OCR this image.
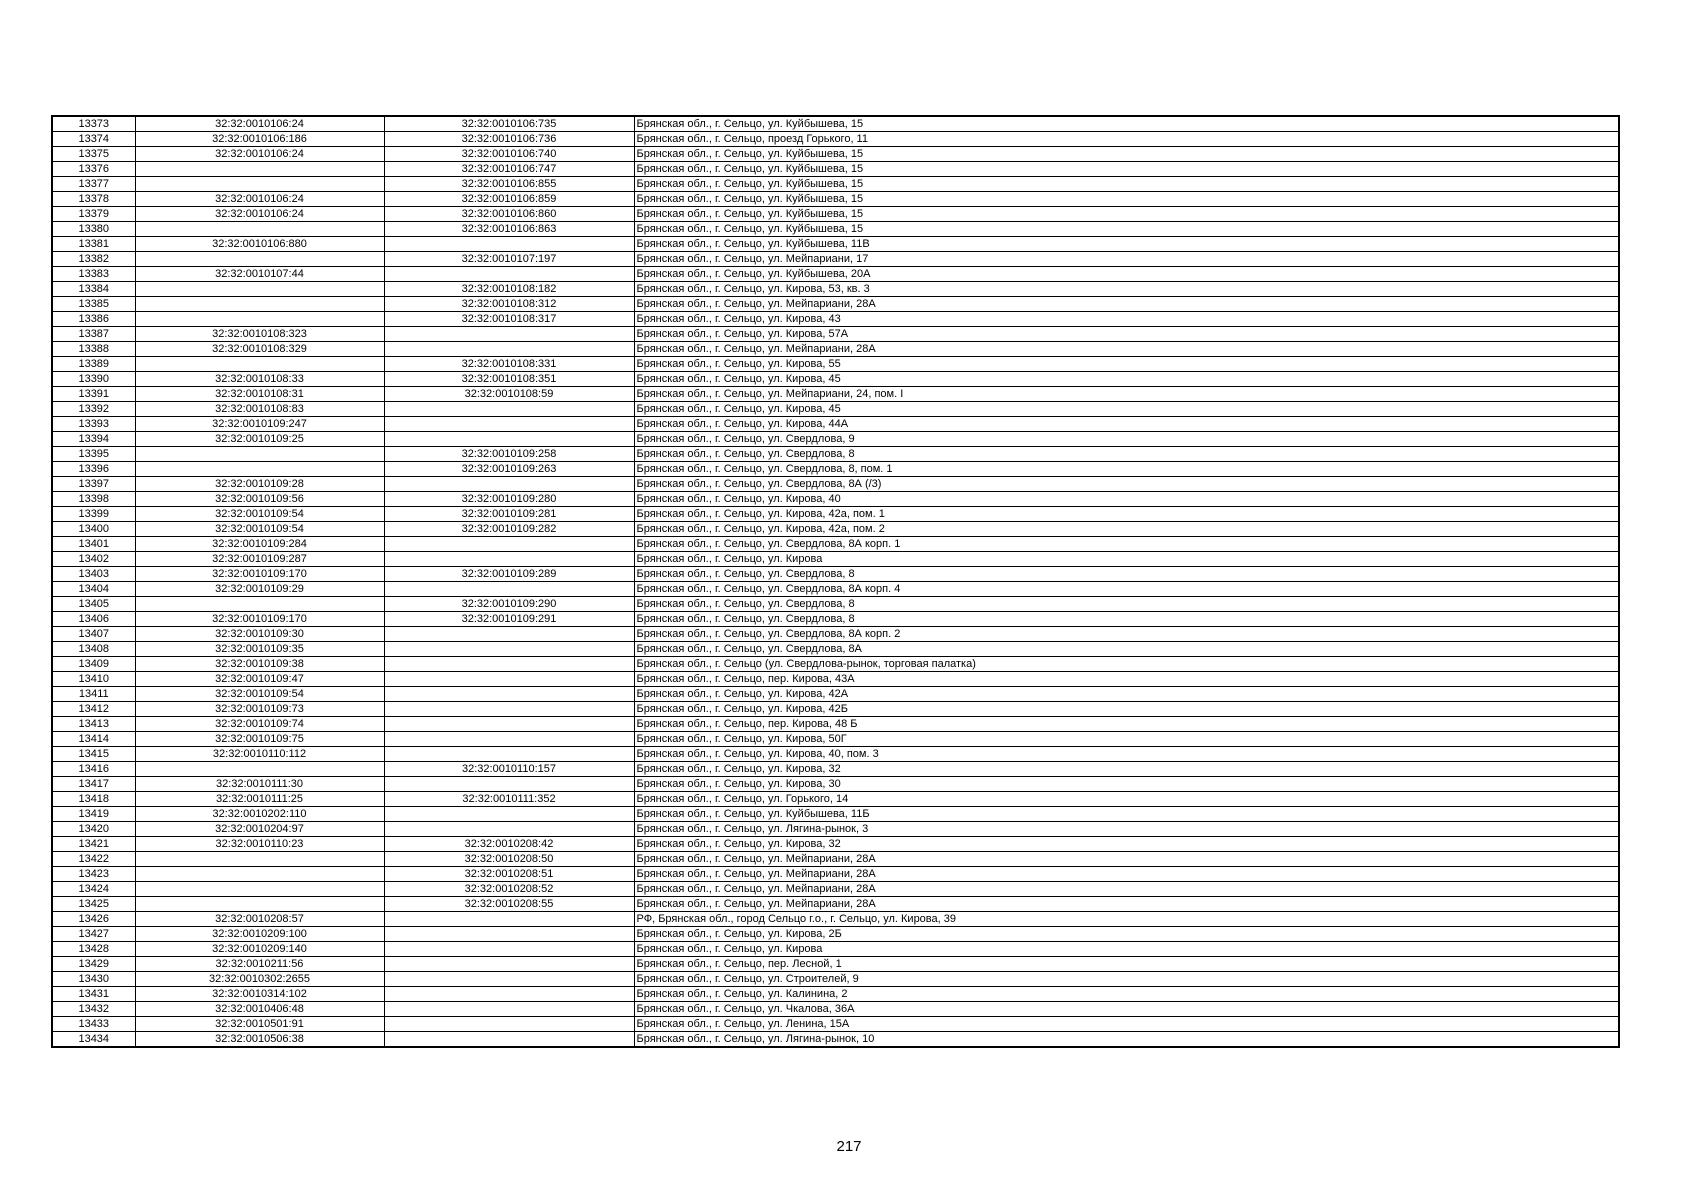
13373	32:32:0010106:24	32:32:0010106:735	Брянская обл., г. Сельцо, ул. Куйбышева, 15
13374	32:32:0010106:186	32:32:0010106:736	Брянская обл., г. Сельцо, проезд Горького, 11
13375	32:32:0010106:24	32:32:0010106:740	Брянская обл., г. Сельцо, ул. Куйбышева, 15
13376		32:32:0010106:747	Брянская обл., г. Сельцо, ул. Куйбышева, 15
13377		32:32:0010106:855	Брянская обл., г. Сельцо, ул. Куйбышева, 15
13378	32:32:0010106:24	32:32:0010106:859	Брянская обл., г. Сельцо, ул. Куйбышева, 15
13379	32:32:0010106:24	32:32:0010106:860	Брянская обл., г. Сельцо, ул. Куйбышева, 15
13380		32:32:0010106:863	Брянская обл., г. Сельцо, ул. Куйбышева, 15
13381	32:32:0010106:880		Брянская обл., г. Сельцо, ул. Куйбышева, 11В
13382		32:32:0010107:197	Брянская обл., г. Сельцо, ул. Мейпариани, 17
13383	32:32:0010107:44		Брянская обл., г. Сельцо, ул. Куйбышева, 20А
13384		32:32:0010108:182	Брянская обл., г. Сельцо, ул. Кирова, 53, кв. 3
13385		32:32:0010108:312	Брянская обл., г. Сельцо, ул. Мейпариани, 28А
13386		32:32:0010108:317	Брянская обл., г. Сельцо, ул. Кирова, 43
13387	32:32:0010108:323		Брянская обл., г. Сельцо, ул. Кирова, 57А
13388	32:32:0010108:329		Брянская обл., г. Сельцо, ул. Мейпариани, 28А
13389		32:32:0010108:331	Брянская обл., г. Сельцо, ул. Кирова, 55
13390	32:32:0010108:33	32:32:0010108:351	Брянская обл., г. Сельцо, ул. Кирова, 45
13391	32:32:0010108:31	32:32:0010108:59	Брянская обл., г. Сельцо, ул. Мейпариани, 24, пом. I
13392	32:32:0010108:83		Брянская обл., г. Сельцо, ул. Кирова, 45
13393	32:32:0010109:247		Брянская обл., г. Сельцо, ул. Кирова, 44А
13394	32:32:0010109:25		Брянская обл., г. Сельцо, ул. Свердлова, 9
13395		32:32:0010109:258	Брянская обл., г. Сельцо, ул. Свердлова, 8
13396		32:32:0010109:263	Брянская обл., г. Сельцо, ул. Свердлова, 8, пом. 1
13397	32:32:0010109:28		Брянская обл., г. Сельцо, ул. Свердлова, 8А (/3)
13398	32:32:0010109:56	32:32:0010109:280	Брянская обл., г. Сельцо, ул. Кирова, 40
13399	32:32:0010109:54	32:32:0010109:281	Брянская обл., г. Сельцо, ул. Кирова, 42а, пом. 1
13400	32:32:0010109:54	32:32:0010109:282	Брянская обл., г. Сельцо, ул. Кирова, 42а, пом. 2
13401	32:32:0010109:284		Брянская обл., г. Сельцо, ул. Свердлова, 8А корп. 1
13402	32:32:0010109:287		Брянская обл., г. Сельцо, ул. Кирова
13403	32:32:0010109:170	32:32:0010109:289	Брянская обл., г. Сельцо, ул. Свердлова, 8
13404	32:32:0010109:29		Брянская обл., г. Сельцо, ул. Свердлова, 8А корп. 4
13405		32:32:0010109:290	Брянская обл., г. Сельцо, ул. Свердлова, 8
13406	32:32:0010109:170	32:32:0010109:291	Брянская обл., г. Сельцо, ул. Свердлова, 8
13407	32:32:0010109:30		Брянская обл., г. Сельцо, ул. Свердлова, 8А корп. 2
13408	32:32:0010109:35		Брянская обл., г. Сельцо, ул. Свердлова, 8А
13409	32:32:0010109:38		Брянская обл., г. Сельцо (ул. Свердлова-рынок, торговая палатка)
13410	32:32:0010109:47		Брянская обл., г. Сельцо, пер. Кирова, 43А
13411	32:32:0010109:54		Брянская обл., г. Сельцо, ул. Кирова, 42А
13412	32:32:0010109:73		Брянская обл., г. Сельцо, ул. Кирова, 42Б
13413	32:32:0010109:74		Брянская обл., г. Сельцо, пер. Кирова, 48 Б
13414	32:32:0010109:75		Брянская обл., г. Сельцо, ул. Кирова, 50Г
13415	32:32:0010110:112		Брянская обл., г. Сельцо, ул. Кирова, 40, пом. 3
13416		32:32:0010110:157	Брянская обл., г. Сельцо, ул. Кирова, 32
13417	32:32:0010111:30		Брянская обл., г. Сельцо, ул. Кирова, 30
13418	32:32:0010111:25	32:32:0010111:352	Брянская обл., г. Сельцо, ул. Горького, 14
13419	32:32:0010202:110		Брянская обл., г. Сельцо, ул. Куйбышева, 11Б
13420	32:32:0010204:97		Брянская обл., г. Сельцо, ул. Лягина-рынок, 3
13421	32:32:0010110:23	32:32:0010208:42	Брянская обл., г. Сельцо, ул. Кирова, 32
13422		32:32:0010208:50	Брянская обл., г. Сельцо, ул. Мейпариани, 28А
13423		32:32:0010208:51	Брянская обл., г. Сельцо, ул. Мейпариани, 28А
13424		32:32:0010208:52	Брянская обл., г. Сельцо, ул. Мейпариани, 28А
13425		32:32:0010208:55	Брянская обл., г. Сельцо, ул. Мейпариани, 28А
13426	32:32:0010208:57		РФ, Брянская обл., город Сельцо г.о., г. Сельцо, ул. Кирова, 39
13427	32:32:0010209:100		Брянская обл., г. Сельцо, ул. Кирова, 2Б
13428	32:32:0010209:140		Брянская обл., г. Сельцо, ул. Кирова
13429	32:32:0010211:56		Брянская обл., г. Сельцо, пер. Лесной, 1
13430	32:32:0010302:2655		Брянская обл., г. Сельцо, ул. Строителей, 9
13431	32:32:0010314:102		Брянская обл., г. Сельцо, ул. Калинина, 2
13432	32:32:0010406:48		Брянская обл., г. Сельцо, ул. Чкалова, 36А
13433	32:32:0010501:91		Брянская обл., г. Сельцо, ул. Ленина, 15А
13434	32:32:0010506:38		Брянская обл., г. Сельцо, ул. Лягина-рынок, 10
217
